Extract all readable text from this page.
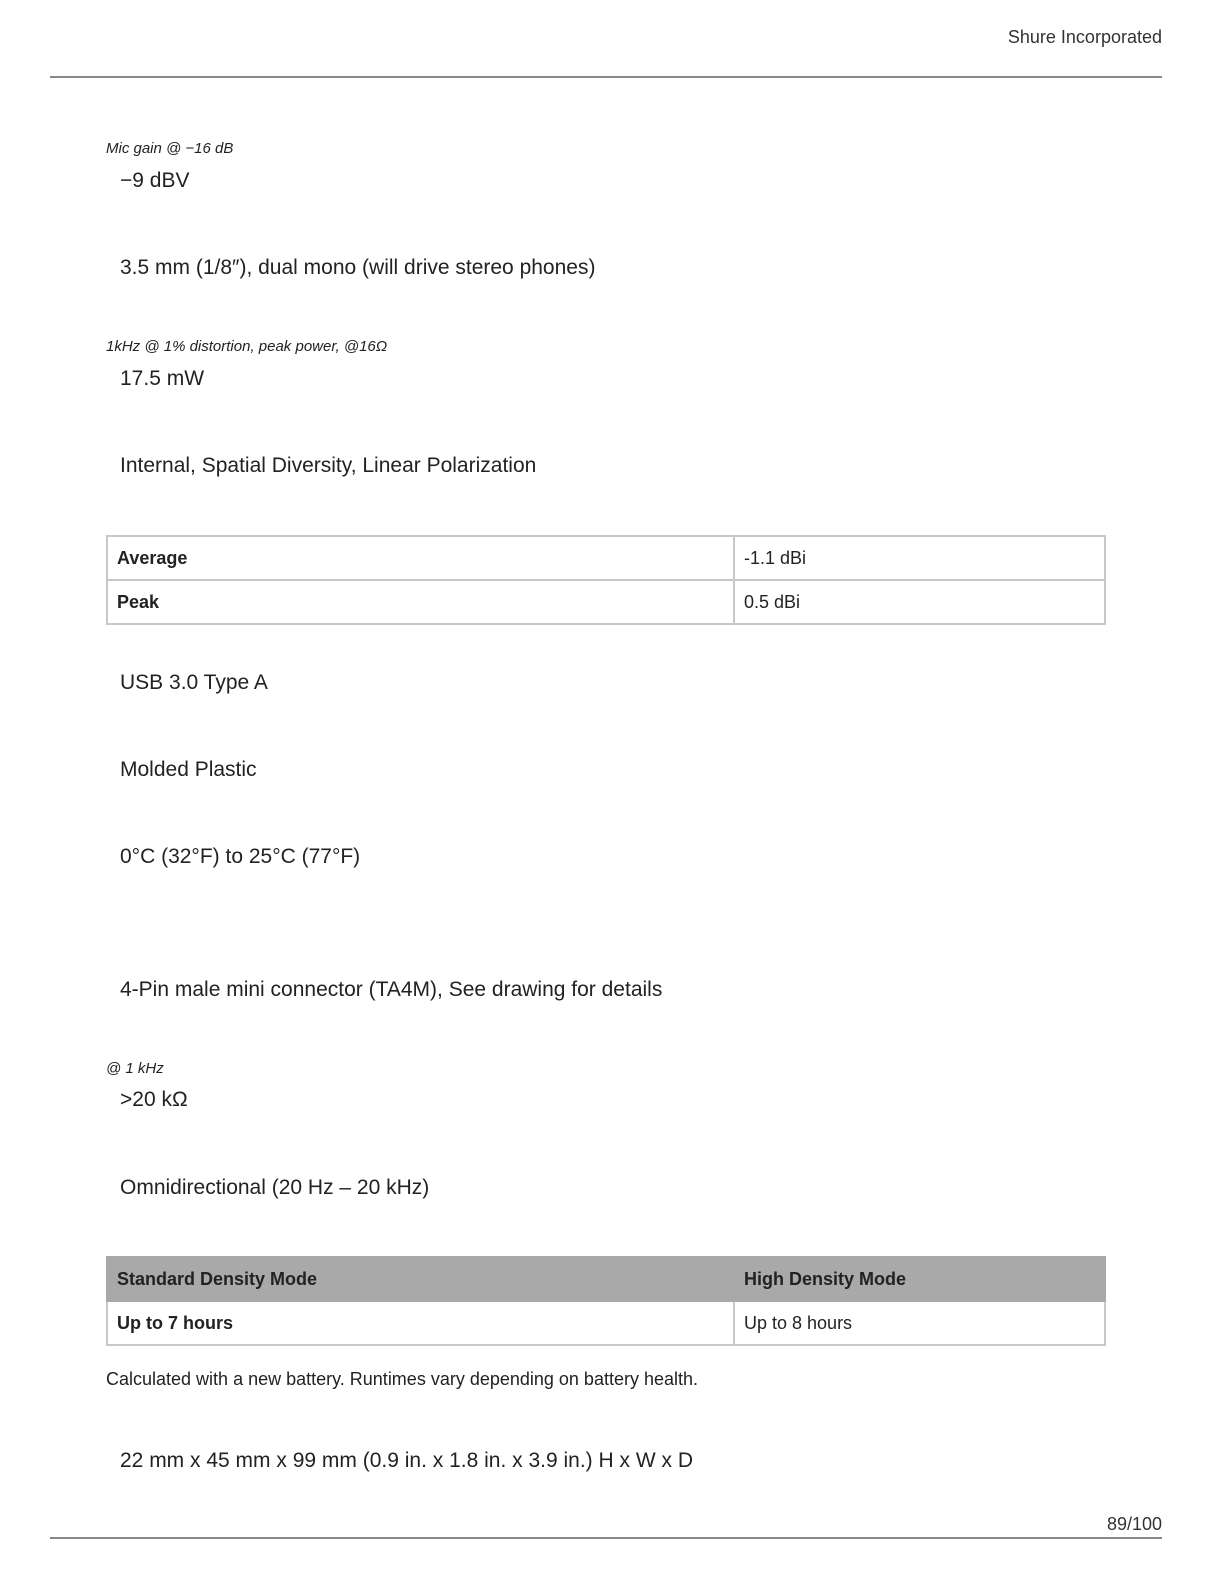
Shure Incorporated
Mic gain @ −16 dB
−9 dBV
3.5 mm (1/8″), dual mono (will drive stereo phones)
1kHz @ 1% distortion, peak power, @16Ω
17.5 mW
Internal, Spatial Diversity, Linear Polarization
Average	-1.1 dBi
Peak	0.5 dBi
USB 3.0 Type A
Molded Plastic
0°C (32°F) to 25°C (77°F)
4-Pin male mini connector (TA4M), See drawing for details
@ 1 kHz
>20 kΩ
Omnidirectional (20 Hz – 20 kHz)
Standard Density Mode	High Density Mode
Up to 7 hours	Up to 8 hours
Calculated with a new battery. Runtimes vary depending on battery health.
22 mm x 45 mm x 99 mm (0.9 in. x 1.8 in. x 3.9 in.) H x W x D
89/100
